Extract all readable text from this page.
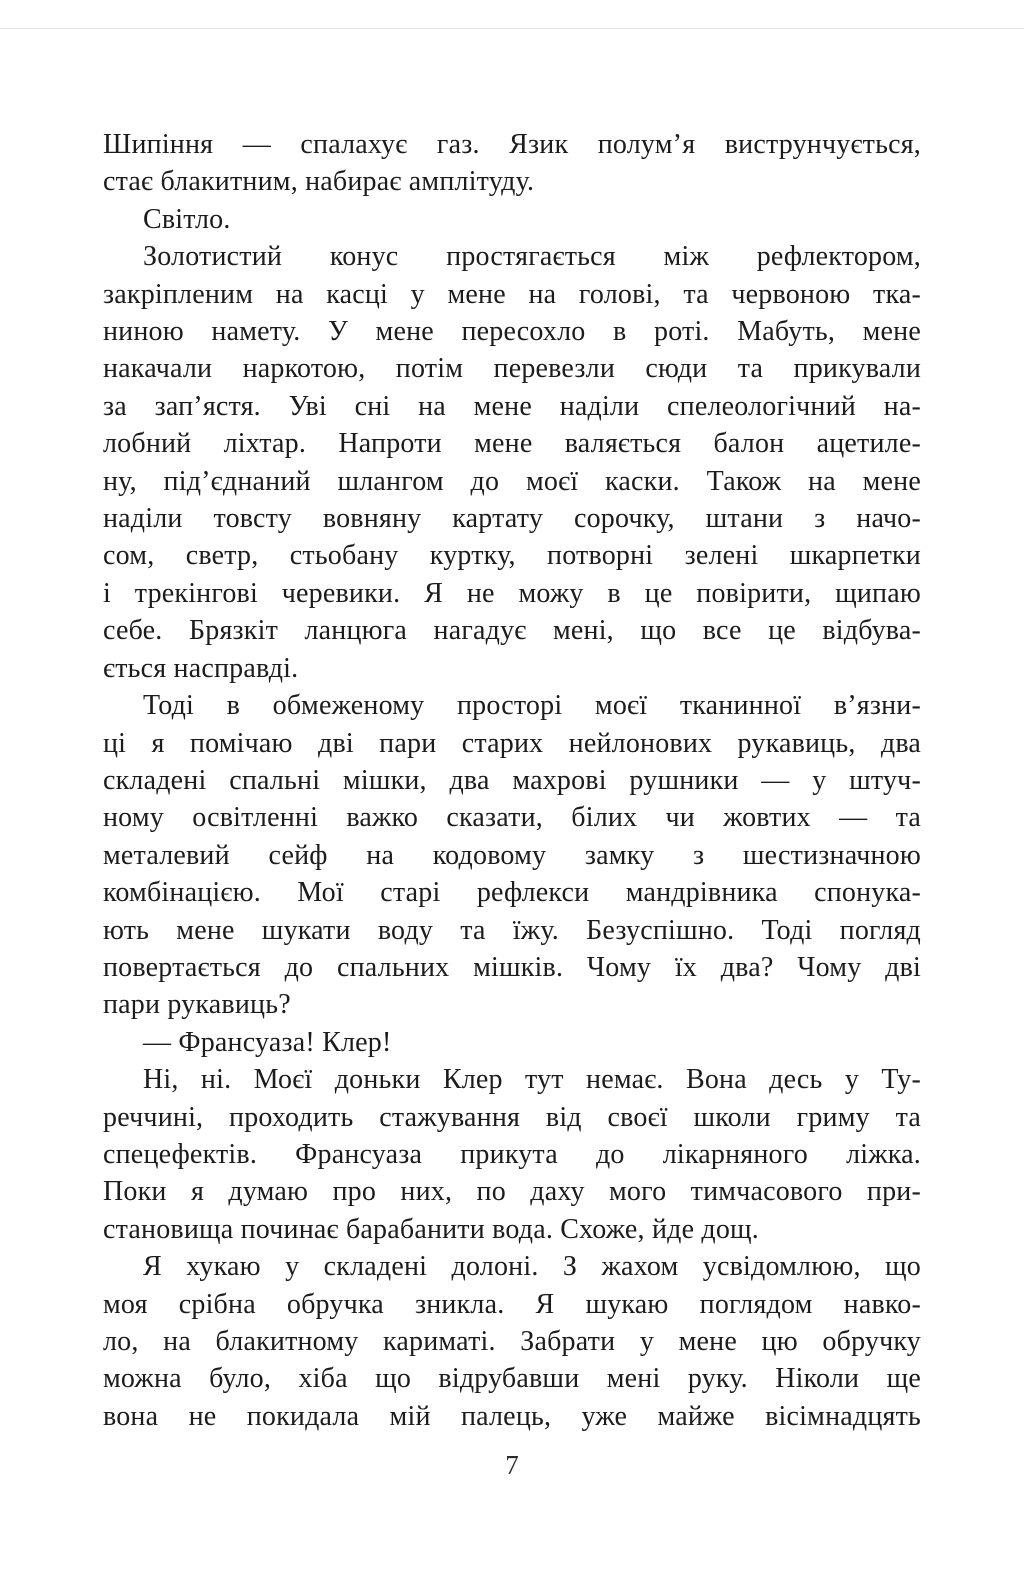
Шипіння — спалахує газ. Язик полум’я виструнчується,
стає блакитним, набирає амплітуду.
Світло.
Золотистий конус простягається між рефлектором,
закріпленим на касці у мене на голові, та червоною тка-
ниною намету. У мене пересохло в роті. Мабуть, мене
накачали наркотою, потім перевезли сюди та прикували
за зап’ястя. Уві сні на мене наділи спелеологічний на-
лобний ліхтар. Напроти мене валяється балон ацетиле-
ну, під’єднаний шлангом до моєї каски. Також на мене
наділи товсту вовняну картату сорочку, штани з начо-
сом, светр, стьобану куртку, потворні зелені шкарпетки
і трекінгові черевики. Я не можу в це повірити, щипаю
себе. Брязкіт ланцюга нагадує мені, що все це відбува-
ється насправді.
Тоді в обмеженому просторі моєї тканинної в’язни-
ці я помічаю дві пари старих нейлонових рукавиць, два
складені спальні мішки, два махрові рушники — у штуч-
ному освітленні важко сказати, білих чи жовтих — та
металевий сейф на кодовому замку з шестизначною
комбінацією. Мої старі рефлекси мандрівника спонука-
ють мене шукати воду та їжу. Безуспішно. Тоді погляд
повертається до спальних мішків. Чому їх два? Чому дві
пари рукавиць?
— Франсуаза! Клер!
Ні, ні. Моєї доньки Клер тут немає. Вона десь у Ту-
реччині, проходить стажування від своєї школи гриму та
спецефектів. Франсуаза прикута до лікарняного ліжка.
Поки я думаю про них, по даху мого тимчасового при-
становища починає барабанити вода. Схоже, йде дощ.
Я хукаю у складені долоні. З жахом усвідомлюю, що
моя срібна обручка зникла. Я шукаю поглядом навко-
ло, на блакитному кариматі. Забрати у мене цю обручку
можна було, хіба що відрубавши мені руку. Ніколи ще
вона не покидала мій палець, уже майже вісімнадцять
7
